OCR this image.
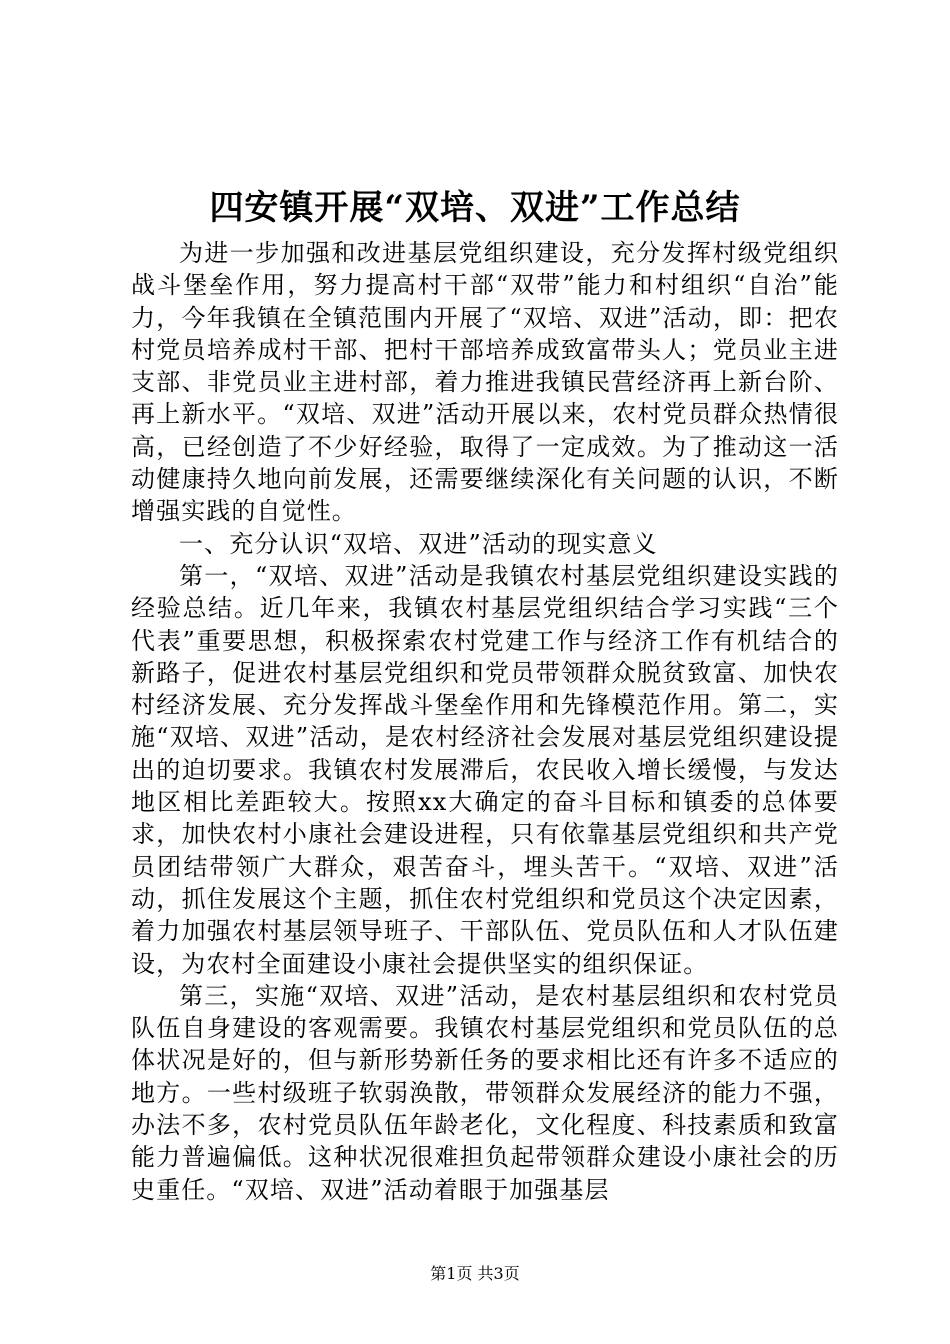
四安镇开展“双培、双进”工作总结

为进一步加强和改进基层党组织建设，充分发挥村级党组织战斗堡垒作用，努力提高村干部“双带”能力和村组织“自治”能力，今年我镇在全镇范围内开展了“双培、双进”活动，即：把农村党员培养成村干部、把村干部培养成致富带头人；党员业主进支部、非党员业主进村部，着力推进我镇民营经济再上新台阶、再上新水平。“双培、双进”活动开展以来，农村党员群众热情很高，已经创造了不少好经验，取得了一定成效。为了推动这一活动健康持久地向前发展，还需要继续深化有关问题的认识，不断增强实践的自觉性。

一、充分认识“双培、双进”活动的现实意义

第一，“双培、双进”活动是我镇农村基层党组织建设实践的经验总结。近几年来，我镇农村基层党组织结合学习实践“三个代表”重要思想，积极探索农村党建工作与经济工作有机结合的新路子，促进农村基层党组织和党员带领群众脱贫致富、加快农村经济发展、充分发挥战斗堡垒作用和先锋模范作用。第二，实施“双培、双进”活动，是农村经济社会发展对基层党组织建设提出的迫切要求。我镇农村发展滞后，农民收入增长缓慢，与发达地区相比差距较大。按照xx大确定的奋斗目标和镇委的总体要求，加快农村小康社会建设进程，只有依靠基层党组织和共产党员团结带领广大群众，艰苦奋斗，埋头苦干。“双培、双进”活动，抓住发展这个主题，抓住农村党组织和党员这个决定因素，着力加强农村基层领导班子、干部队伍、党员队伍和人才队伍建设，为农村全面建设小康社会提供坚实的组织保证。

第三，实施“双培、双进”活动，是农村基层组织和农村党员队伍自身建设的客观需要。我镇农村基层党组织和党员队伍的总体状况是好的，但与新形势新任务的要求相比还有许多不适应的地方。一些村级班子软弱涣散，带领群众发展经济的能力不强，办法不多，农村党员队伍年龄老化，文化程度、科技素质和致富能力普遍偏低。这种状况很难担负起带领群众建设小康社会的历史重任。“双培、双进”活动着眼于加强基层

第1页 共3页
